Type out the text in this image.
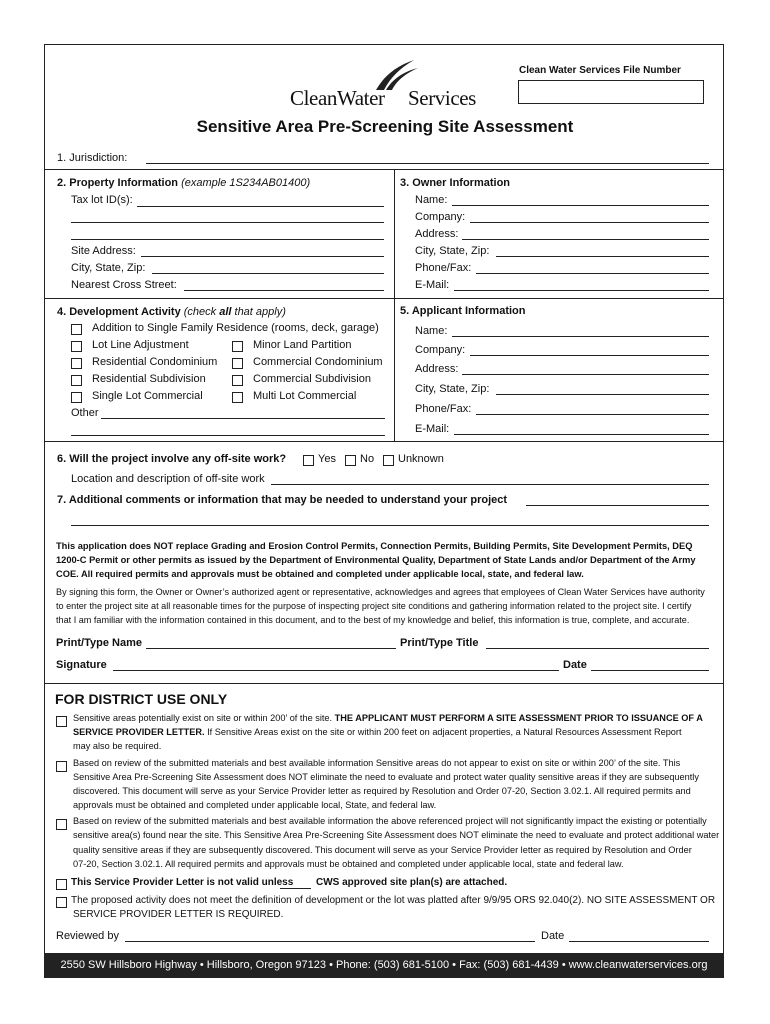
Clean Water Services File Number
CleanWater Services
Sensitive Area Pre-Screening Site Assessment
1. Jurisdiction:
2. Property Information (example 1S234AB01400)
Tax lot ID(s):
Site Address:
City, State, Zip:
Nearest Cross Street:
3. Owner Information
Name:
Company:
Address:
City, State, Zip:
Phone/Fax:
E-Mail:
4. Development Activity (check all that apply)
Addition to Single Family Residence (rooms, deck, garage)
Lot Line Adjustment	Minor Land Partition
Residential Condominium	Commercial Condominium
Residential Subdivision	Commercial Subdivision
Single Lot Commercial	Multi Lot Commercial
Other
5. Applicant Information
Name:
Company:
Address:
City, State, Zip:
Phone/Fax:
E-Mail:
6. Will the project involve any off-site work?	Yes No Unknown
Location and description of off-site work
7. Additional comments or information that may be needed to understand your project
This application does NOT replace Grading and Erosion Control Permits, Connection Permits, Building Permits, Site Development Permits, DEQ
1200-C Permit or other permits as issued by the Department of Environmental Quality, Department of State Lands and/or Department of the Army
COE. All required permits and approvals must be obtained and completed under applicable local, state, and federal law.
By signing this form, the Owner or Owner’s authorized agent or representative, acknowledges and agrees that employees of Clean Water Services have authority
to enter the project site at all reasonable times for the purpose of inspecting project site conditions and gathering information related to the project site. I certify
that I am familiar with the information contained in this document, and to the best of my knowledge and belief, this information is true, complete, and accurate.
Print/Type Name	Print/Type Title
Signature	Date
FOR DISTRICT USE ONLY
Sensitive areas potentially exist on site or within 200’ of the site. THE APPLICANT MUST PERFORM A SITE ASSESSMENT PRIOR TO ISSUANCE OF A
SERVICE PROVIDER LETTER. If Sensitive Areas exist on the site or within 200 feet on adjacent properties, a Natural Resources Assessment Report
may also be required.
Based on review of the submitted materials and best available information Sensitive areas do not appear to exist on site or within 200’ of the site. This
Sensitive Area Pre-Screening Site Assessment does NOT eliminate the need to evaluate and protect water quality sensitive areas if they are subsequently
discovered. This document will serve as your Service Provider letter as required by Resolution and Order 07-20, Section 3.02.1. All required permits and
approvals must be obtained and completed under applicable local, State, and federal law.
Based on review of the submitted materials and best available information the above referenced project will not significantly impact the existing or potentially
sensitive area(s) found near the site. This Sensitive Area Pre-Screening Site Assessment does NOT eliminate the need to evaluate and protect additional water
quality sensitive areas if they are subsequently discovered. This document will serve as your Service Provider letter as required by Resolution and Order
07-20, Section 3.02.1. All required permits and approvals must be obtained and completed under applicable local, state and federal law.
This Service Provider Letter is not valid unless CWS approved site plan(s) are attached.
The proposed activity does not meet the definition of development or the lot was platted after 9/9/95 ORS 92.040(2). NO SITE ASSESSMENT OR
SERVICE PROVIDER LETTER IS REQUIRED.
Reviewed by	Date
2550 SW Hillsboro Highway • Hillsboro, Oregon 97123 • Phone: (503) 681-5100 • Fax: (503) 681-4439 • www.cleanwaterservices.org
